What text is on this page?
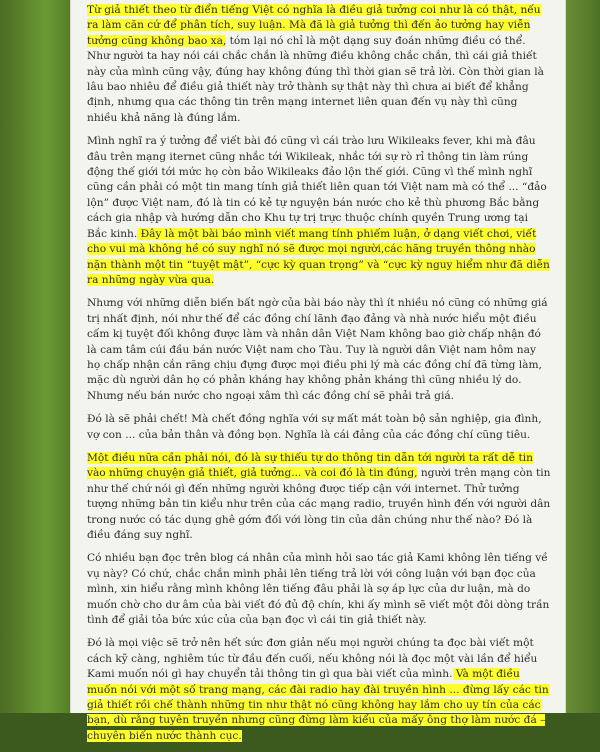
Từ giả thiết theo từ điển tiếng Việt có nghĩa là điều giả tưởng coi như là có thật, nếu ra làm căn cứ để phân tích, suy luận. Mà đã là giả tưởng thì đến ảo tưởng hay viễn tưởng cũng không bao xa, tóm lại nó chỉ là một dạng suy đoán những điều có thể. Như người ta hay nói cái chắc chắn là những điều không chắc chắn, thì cái giả thiết này của mình cũng vậy, đúng hay không đúng thì thời gian sẽ trả lời. Còn thời gian là lâu bao nhiêu để điều giả thiết này trở thành sự thật này thì chưa ai biết để khẳng định, nhưng qua các thông tin trên mạng internet liên quan đến vụ này thì cũng nhiều khả năng là đúng lắm.

Mình nghĩ ra ý tưởng để viết bài đó cũng vì cái trào lưu Wikileaks fever, khi mà đâu đâu trên mạng iternet cũng nhắc tới Wikileak, nhắc tới sự rò rỉ thông tin làm rúng động thế giới tới mức họ còn bảo Wikileaks đảo lộn thế giới. Cũng vì thế mình nghĩ cũng cần phải có một tin mang tính giả thiết liên quan tới Việt nam mà có thể ... “đảo lộn” được Việt nam, đó là tin có kẻ tự nguyện bán nước cho kẻ thù phương Bắc bằng cách gia nhập và hướng dẫn cho Khu tự trị trực thuộc chính quyền Trung ương tại Bắc kinh. Đây là một bài báo mình viết mang tính phiếm luận, ở dạng viết chơi, viết cho vui mà không hề có suy nghĩ nó sẽ được mọi người,các hãng truyền thông nhào nặn thành một tin “tuyệt mật”, “cực kỳ quan trọng” và “cực kỳ nguy hiểm như đã diễn ra những ngày vừa qua.

Nhưng với những diễn biến bất ngờ của bài báo này thì ít nhiều nó cũng có những giá trị nhất định, nói như thế để các đồng chí lãnh đạo đảng và nhà nước hiểu một điều cấm kị tuyệt đối không được làm và nhân dân Việt Nam không bao giờ chấp nhận đó là cam tâm cúi đầu bán nước Việt nam cho Tàu. Tuy là người dân Việt nam hôm nay họ chấp nhận cắn răng chịu đựng được mọi điều phi lý mà các đồng chí đã từng làm, mặc dù người dân họ có phản kháng hay không phản kháng thì cũng nhiều lý do. Nhưng nếu bán nước cho ngoại xâm thì các đồng chí sẽ phải trả giá.

Đó là sẽ phải chết! Mà chết đồng nghĩa với sự mất mát toàn bộ sản nghiệp, gia đình, vợ con ... của bản thân và đồng bọn. Nghĩa là cái đảng của các đồng chí cũng tiêu.

Một điều nữa cần phải nói, đó là sự thiếu tự do thông tin dẫn tới người ta rất dễ tin vào những chuyện giả thiết, giả tưởng... và coi đó là tin đúng, người trên mạng còn tin như thế chứ nói gì đến những người không được tiếp cận với internet. Thử tưởng tượng những bản tin kiểu như trên của các mạng radio, truyền hình đến với người dân trong nước có tác dụng ghê gớm đối với lòng tin của dân chúng như thế nào? Đó là điều đáng suy nghĩ.

Có nhiều bạn đọc trên blog cá nhân của mình hỏi sao tác giả Kami không lên tiếng về vụ này? Có chứ, chắc chắn mình phải lên tiếng trả lời với công luận với bạn đọc của mình, xin hiểu rằng mình không lên tiếng đâu phải là sợ áp lực của dư luận, mà do muốn chờ cho dư âm của bài viết đó đủ độ chín, khi ấy mình sẽ viết một đôi dòng trần tình để giải tỏa bức xúc của của bạn đọc vì cái tin giả thiết này.

Đó là mọi việc sẽ trở nên hết sức đơn giản nếu mọi người chúng ta đọc bài viết một cách kỹ càng, nghiêm túc từ đầu đến cuối, nếu không nói là đọc một vài lần để hiểu Kami muốn nói gì hay chuyển tải thông tin gì qua bài viết của mình. Và một điều muốn nói với một số trang mạng, các đài radio hay đài truyền hình ... đừng lấy các tin giả thiết rồi chế thành những tin như thật nó cũng không hay lắm cho uy tín của các bạn, dù rằng tuyên truyền nhưng cũng đừng làm kiểu của mấy ông thợ làm nước đá – chuyên biến nước thành cục.
